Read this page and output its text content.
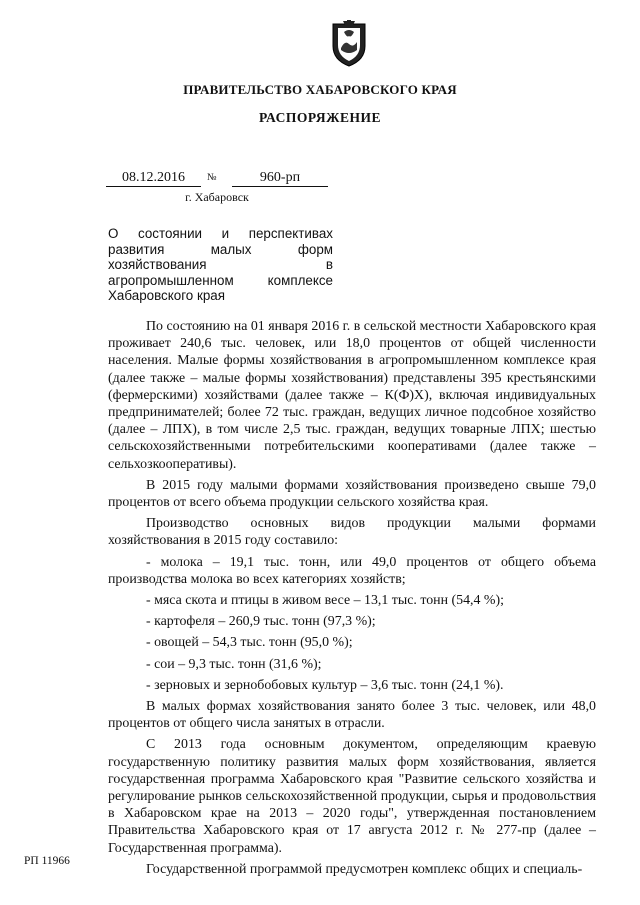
ПРАВИТЕЛЬСТВО ХАБАРОВСКОГО КРАЯ
РАСПОРЯЖЕНИЕ
08.12.2016	№	960-рп
г. Хабаровск
О состоянии и перспективах развития малых форм хозяйствования в агропромышленном комплексе Хабаровского края

По состоянию на 01 января 2016 г. в сельской местности Хабаровского края проживает 240,6 тыс. человек, или 18,0 процентов от общей численности населения. Малые формы хозяйствования в агропромышленном комплексе края (далее также – малые формы хозяйствования) представлены 395 крестьянскими (фермерскими) хозяйствами (далее также – К(Ф)Х), включая индивидуальных предпринимателей; более 72 тыс. граждан, ведущих личное подсобное хозяйство (далее – ЛПХ), в том числе 2,5 тыс. граждан, ведущих товарные ЛПХ; шестью сельскохозяйственными потребительскими кооперативами (далее также – сельхозкооперативы).

В 2015 году малыми формами хозяйствования произведено свыше 79,0 процентов от всего объема продукции сельского хозяйства края.

Производство основных видов продукции малыми формами хозяйствования в 2015 году составило:

- молока – 19,1 тыс. тонн, или 49,0 процентов от общего объема производства молока во всех категориях хозяйств;

- мяса скота и птицы в живом весе – 13,1 тыс. тонн (54,4 %);

- картофеля – 260,9 тыс. тонн (97,3 %);

- овощей – 54,3 тыс. тонн (95,0 %);

- сои – 9,3 тыс. тонн (31,6 %);

- зерновых и зернобобовых культур – 3,6 тыс. тонн (24,1 %).

В малых формах хозяйствования занято более 3 тыс. человек, или 48,0 процентов от общего числа занятых в отрасли.

С 2013 года основным документом, определяющим краевую государственную политику развития малых форм хозяйствования, является государственная программа Хабаровского края "Развитие сельского хозяйства и регулирование рынков сельскохозяйственной продукции, сырья и продовольствия в Хабаровском крае на 2013 – 2020 годы", утвержденная постановлением Правительства Хабаровского края от 17 августа 2012 г. № 277-пр (далее – Государственная программа).

Государственной программой предусмотрен комплекс общих и специаль-

РП 11966
